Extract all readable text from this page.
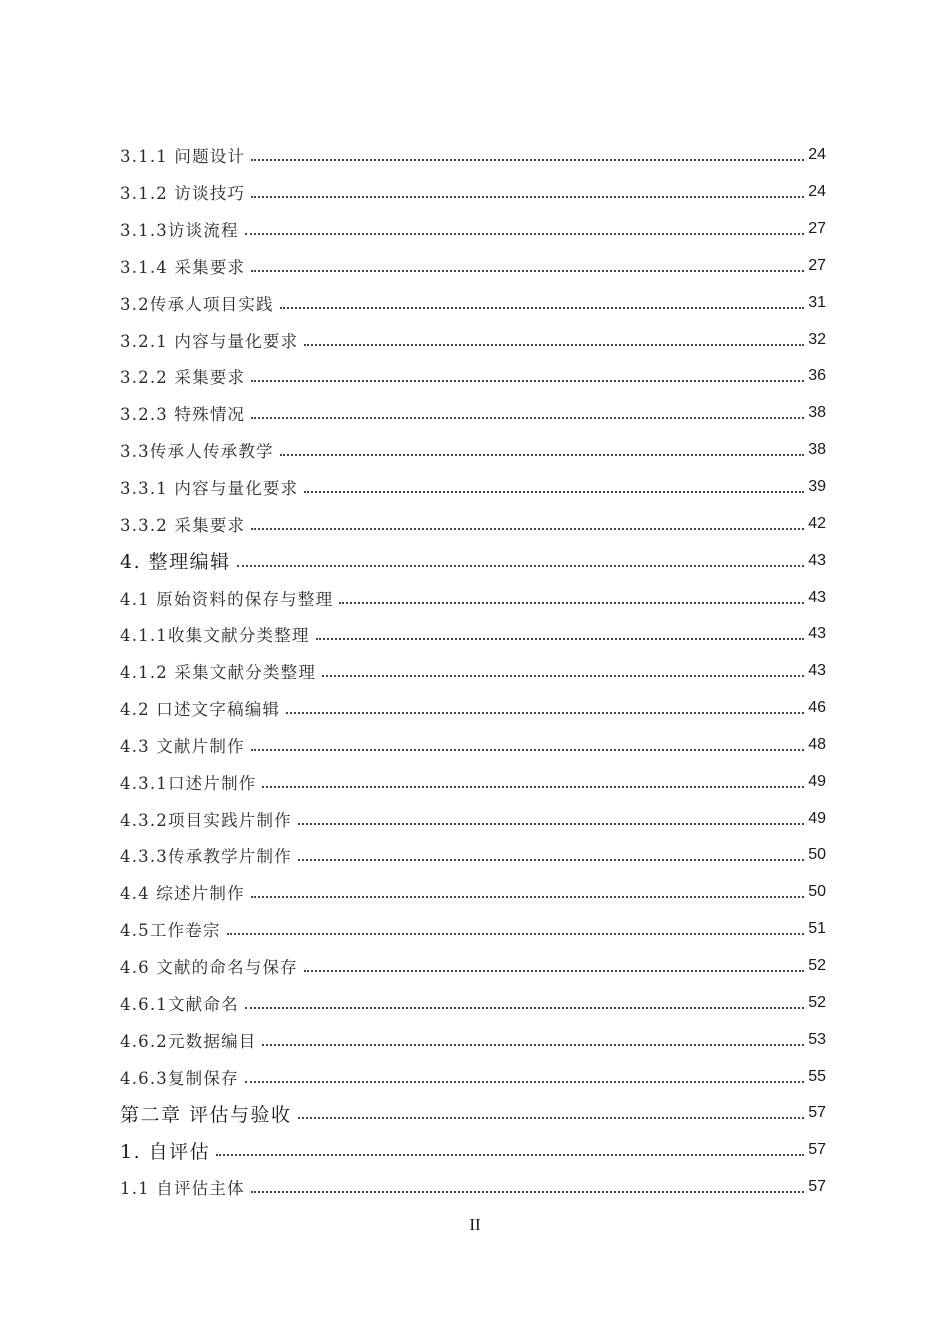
3.1.1 问题设计	24
3.1.2 访谈技巧	24
3.1.3访谈流程	27
3.1.4 采集要求	27
3.2传承人项目实践	31
3.2.1 内容与量化要求	32
3.2.2 采集要求	36
3.2.3 特殊情况	38
3.3传承人传承教学	38
3.3.1 内容与量化要求	39
3.3.2 采集要求	42
4. 整理编辑	43
4.1 原始资料的保存与整理	43
4.1.1收集文献分类整理	43
4.1.2 采集文献分类整理	43
4.2 口述文字稿编辑	46
4.3 文献片制作	48
4.3.1口述片制作	49
4.3.2项目实践片制作	49
4.3.3传承教学片制作	50
4.4 综述片制作	50
4.5工作卷宗	51
4.6 文献的命名与保存	52
4.6.1文献命名	52
4.6.2元数据编目	53
4.6.3复制保存	55
第二章 评估与验收	57
1. 自评估	57
1.1 自评估主体	57
II
